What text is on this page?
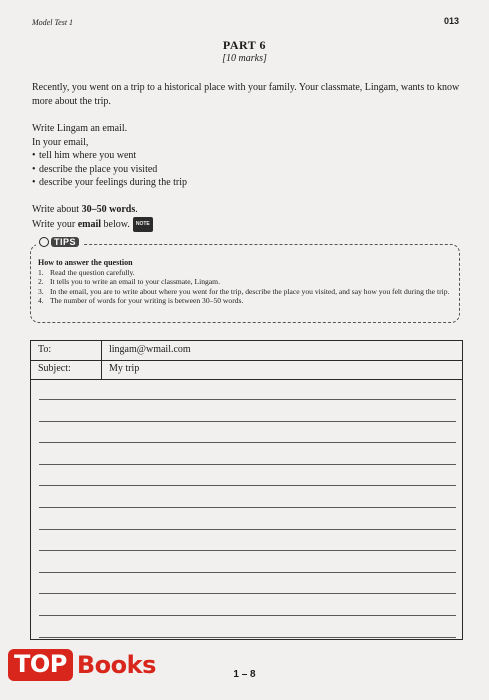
Model Test 1	013
PART 6
[10 marks]
Recently, you went on a trip to a historical place with your family. Your classmate, Lingam, wants to know more about the trip.
Write Lingam an email.
In your email,
• tell him where you went
• describe the place you visited
• describe your feelings during the trip
Write about 30–50 words.
Write your email below. NOTE
TIPS
How to answer the question
1. Read the question carefully.
2. It tells you to write an email to your classmate, Lingam.
3. In the email, you are to write about where you went for the trip, describe the place you visited, and say how you felt during the trip.
4. The number of words for your writing is between 30–50 words.
To:	lingam@wmail.com
Subject:	My trip
1 – 8
TOP Books
